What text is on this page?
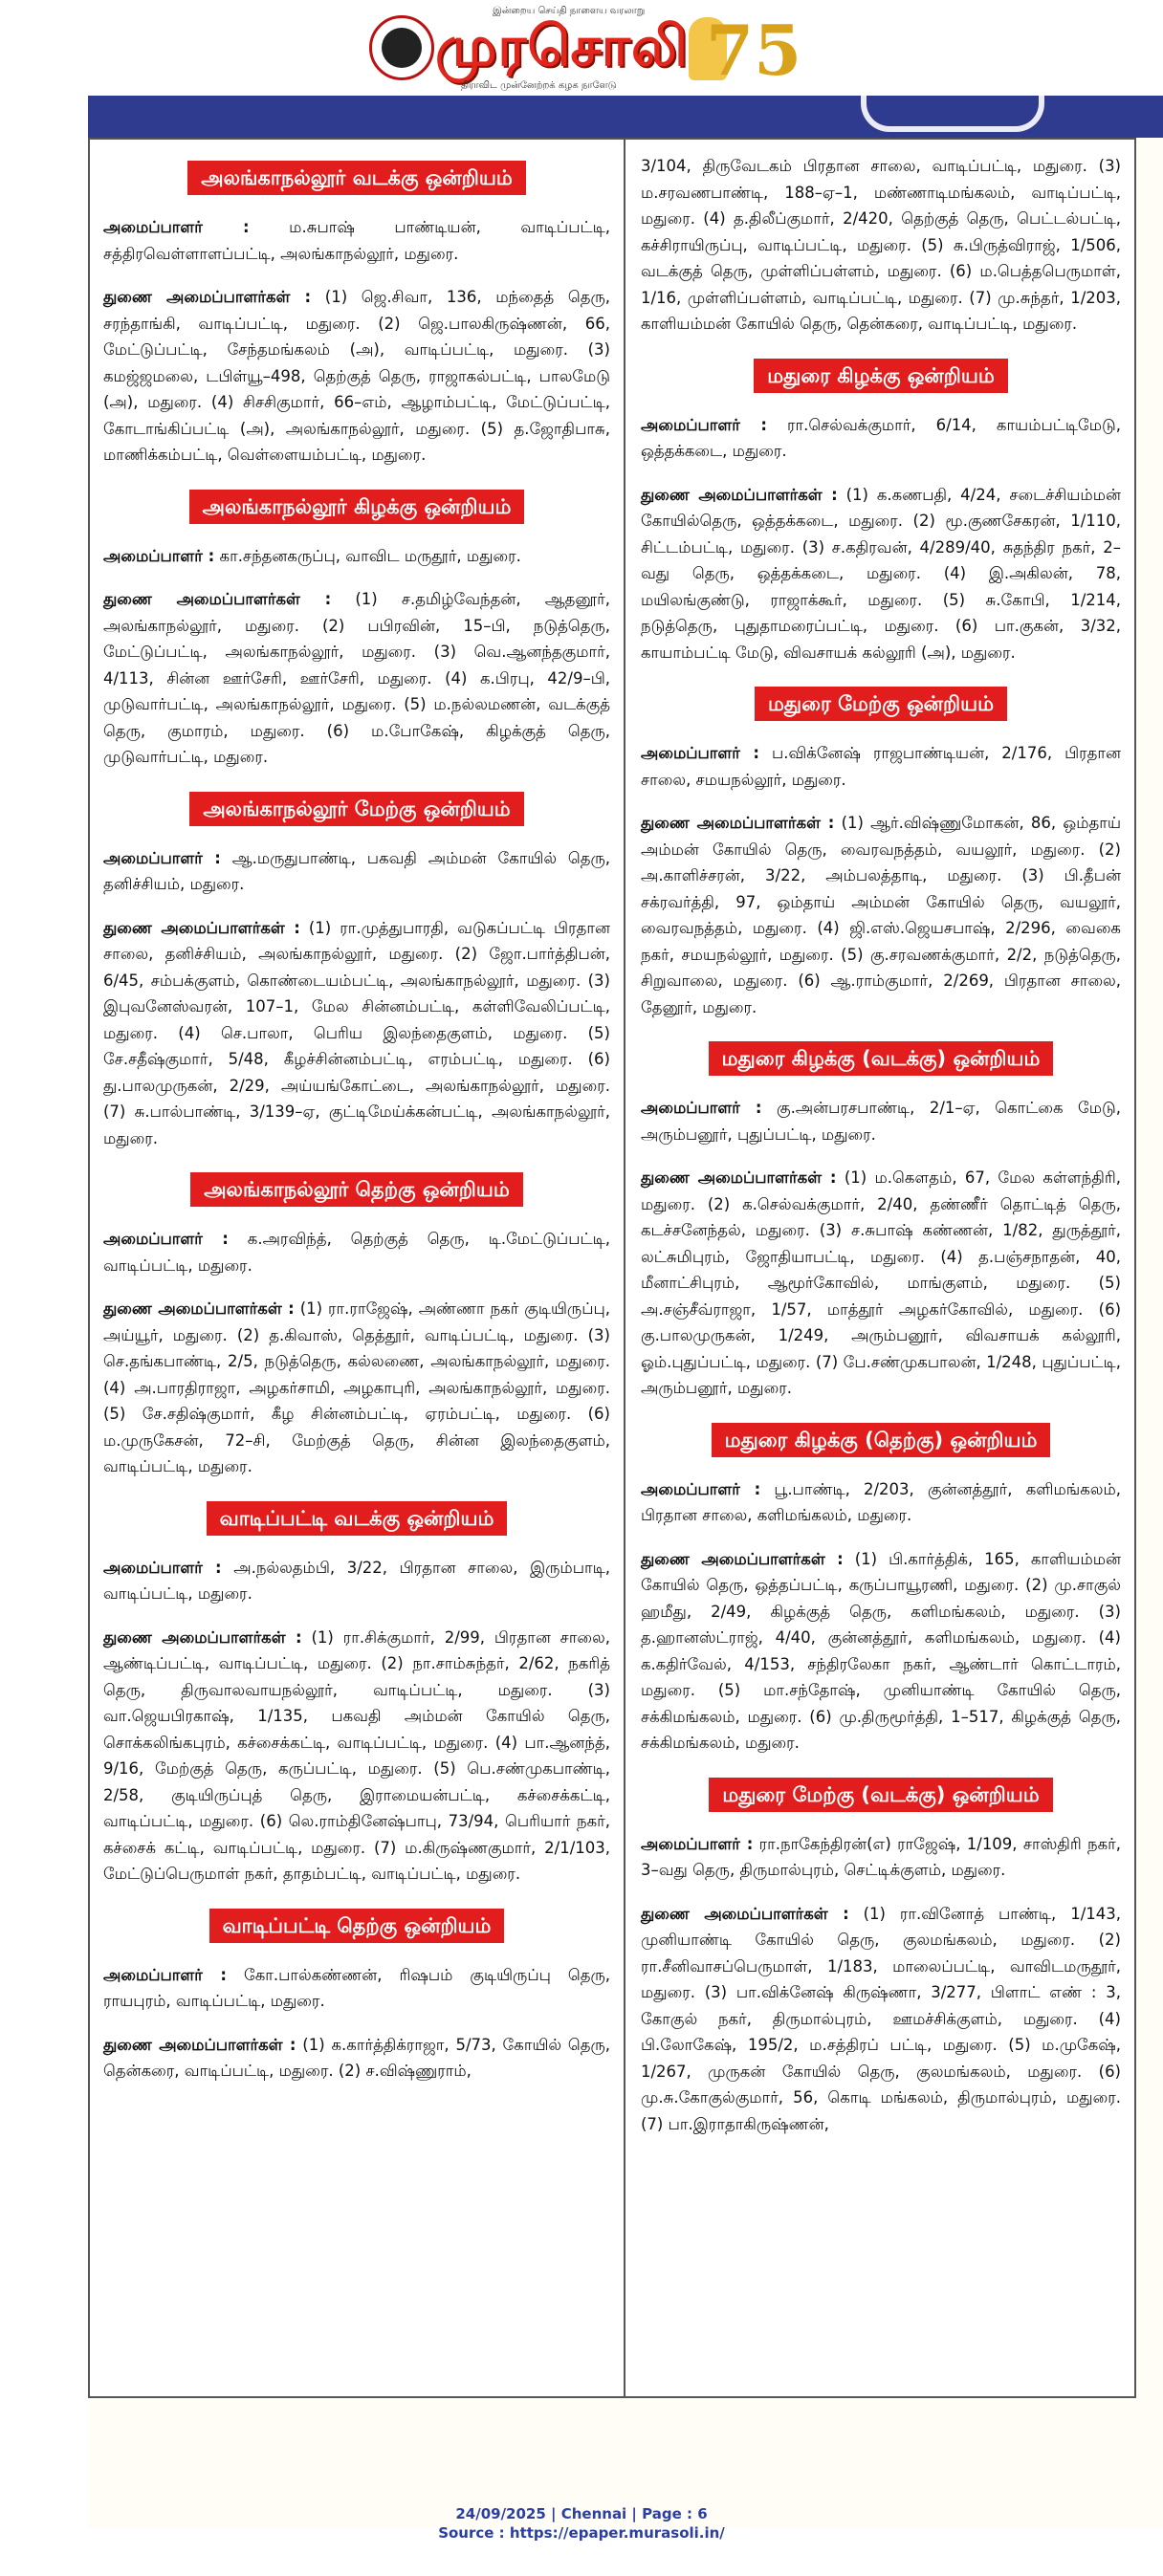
இன்றைய செய்தி நாளைய வரலாறு
முரசொலி
திராவிட முன்னேற்றக் கழக நாளேடு 75
அலங்காநல்லூர் வடக்கு ஒன்றியம்

அமைப்பாளர் :	ம.சுபாஷ் பாண்டியன், வாடிப்பட்டி, சத்திரவெள்ளாளப்பட்டி, அலங்காநல்லூர், மதுரை.

துணை அமைப்பாளர்கள் : (1) ஜெ.சிவா, 136, மந்தைத் தெரு, சரந்தாங்கி, வாடிப்பட்டி, மதுரை. (2) ஜெ.பாலகிருஷ்ணன், 66, மேட்டுப்பட்டி, சேந்தமங்கலம் (அ), வாடிப்பட்டி, மதுரை. (3) கமஜ்ஜமலை, டபிள்யூ–498, தெற்குத் தெரு, ராஜாகல்பட்டி, பாலமேடு (அ), மதுரை. (4) சிசசிகுமார், 66–எம், ஆழாம்பட்டி, மேட்டுப்பட்டி, கோடாங்கிப்பட்டி (அ), அலங்காநல்லூர், மதுரை. (5) த.ஜோதிபாசு, மாணிக்கம்பட்டி, வெள்ளையம்பட்டி, மதுரை.

அலங்காநல்லூர் கிழக்கு ஒன்றியம்

அமைப்பாளர் : கா.சந்தனகருப்பு, வாவிட மருதூர், மதுரை.

துணை அமைப்பாளர்கள் : (1) ச.தமிழ்வேந்தன், ஆதனூர், அலங்காநல்லூர், மதுரை. (2) பபிரவின், 15–பி, நடுத்தெரு, மேட்டுப்பட்டி, அலங்காநல்லூர், மதுரை. (3) வெ.ஆனந்தகுமார், 4/113, சின்ன ஊர்சேரி, ஊர்சேரி, மதுரை. (4) க.பிரபு, 42/9–பி, முடுவார்பட்டி, அலங்காநல்லூர், மதுரை. (5) ம.நல்லமணன், வடக்குத் தெரு, குமாரம், மதுரை. (6) ம.போகேஷ், கிழக்குத் தெரு, முடுவார்பட்டி, மதுரை.

அலங்காநல்லூர் மேற்கு ஒன்றியம்

அமைப்பாளர் : ஆ.மருதுபாண்டி, பகவதி அம்மன் கோயில் தெரு, தனிச்சியம், மதுரை.

துணை அமைப்பாளர்கள் : (1) ரா.முத்துபாரதி, வடுகப்பட்டி பிரதான சாலை, தனிச்சியம், அலங்காநல்லூர், மதுரை. (2) ஜோ.பார்த்திபன், 6/45, சம்பக்குளம், கொண்டையம்பட்டி, அலங்காநல்லூர், மதுரை. (3) இபுவனேஸ்வரன், 107–1, மேல சின்னம்பட்டி, கள்ளிவேலிப்பட்டி, மதுரை. (4) செ.பாலா, பெரிய இலந்தைகுளம், மதுரை. (5) சே.சதீஷ்குமார், 5/48, கீழச்சின்னம்பட்டி, எரம்பட்டி, மதுரை. (6) து.பாலமுருகன், 2/29, அய்யங்கோட்டை, அலங்காநல்லூர், மதுரை. (7) சு.பால்பாண்டி, 3/139–ஏ, குட்டிமேய்க்கன்பட்டி, அலங்காநல்லூர், மதுரை.

அலங்காநல்லூர் தெற்கு ஒன்றியம்

அமைப்பாளர் : க.அரவிந்த், தெற்குத் தெரு, டி.மேட்டுப்பட்டி, வாடிப்பட்டி, மதுரை.

துணை அமைப்பாளர்கள் : (1) ரா.ராஜேஷ், அண்ணா நகர் குடியிருப்பு, அய்யூர், மதுரை. (2) த.கிவாஸ், தெத்தூர், வாடிப்பட்டி, மதுரை. (3) செ.தங்கபாண்டி, 2/5, நடுத்தெரு, கல்லணை, அலங்காநல்லூர், மதுரை. (4) அ.பாரதிராஜா, அழகர்சாமி, அழகாபுரி, அலங்காநல்லூர், மதுரை. (5) சே.சதிஷ்குமார், கீழ சின்னம்பட்டி, ஏரம்பட்டி, மதுரை. (6) ம.முருகேசன், 72–சி, மேற்குத் தெரு, சின்ன இலந்தைகுளம், வாடிப்பட்டி, மதுரை.

வாடிப்பட்டி வடக்கு ஒன்றியம்

அமைப்பாளர் : அ.நல்லதம்பி, 3/22, பிரதான சாலை, இரும்பாடி, வாடிப்பட்டி, மதுரை.

துணை அமைப்பாளர்கள் : (1) ரா.சிக்குமார், 2/99, பிரதான சாலை, ஆண்டிப்பட்டி, வாடிப்பட்டி, மதுரை. (2) நா.சாம்சுந்தர், 2/62, நகரித் தெரு, திருவாலவாயநல்லூர், வாடிப்பட்டி, மதுரை. (3) வா.ஜெயபிரகாஷ், 1/135, பகவதி அம்மன் கோயில் தெரு, சொக்கலிங்கபுரம், கச்சைக்கட்டி, வாடிப்பட்டி, மதுரை. (4) பா.ஆனந்த், 9/16, மேற்குத் தெரு, கருப்பட்டி, மதுரை. (5) பெ.சண்முகபாண்டி, 2/58, குடியிருப்புத் தெரு, இராமையன்பட்டி, கச்சைக்கட்டி, வாடிப்பட்டி, மதுரை. (6) லெ.ராம்தினேஷ்பாபு, 73/94, பெரியார் நகர், கச்சைக் கட்டி, வாடிப்பட்டி, மதுரை. (7) ம.கிருஷ்ணகுமார், 2/1/103, மேட்டுப்பெருமாள் நகர், தாதம்பட்டி, வாடிப்பட்டி, மதுரை.

வாடிப்பட்டி தெற்கு ஒன்றியம்

அமைப்பாளர் : கோ.பால்கண்ணன், ரிஷபம் குடியிருப்பு தெரு, ராயபுரம், வாடிப்பட்டி, மதுரை.

துணை அமைப்பாளர்கள் : (1) க.கார்த்திக்ராஜா, 5/73, கோயில் தெரு, தென்கரை, வாடிப்பட்டி, மதுரை. (2) ச.விஷ்ணுராம்,

3/104, திருவேடகம் பிரதான சாலை, வாடிப்பட்டி, மதுரை. (3) ம.சரவணபாண்டி, 188–ஏ–1, மண்ணாடிமங்கலம், வாடிப்பட்டி, மதுரை. (4) த.திலீப்குமார், 2/420, தெற்குத் தெரு, பெட்டல்பட்டி, கச்சிராயிருப்பு, வாடிப்பட்டி, மதுரை. (5) சு.பிருத்விராஜ், 1/506, வடக்குத் தெரு, முள்ளிப்பள்ளம், மதுரை. (6) ம.பெத்தபெருமாள், 1/16, முள்ளிப்பள்ளம், வாடிப்பட்டி, மதுரை. (7) மு.சுந்தர், 1/203, காளியம்மன் கோயில் தெரு, தென்கரை, வாடிப்பட்டி, மதுரை.

மதுரை கிழக்கு ஒன்றியம்

அமைப்பாளர் : ரா.செல்வக்குமார், 6/14, காயம்பட்டிமேடு, ஒத்தக்கடை, மதுரை.

துணை அமைப்பாளர்கள் : (1) க.கணபதி, 4/24, சடைச்சியம்மன் கோயில்தெரு, ஒத்தக்கடை, மதுரை. (2) மூ.குணசேகரன், 1/110, சிட்டம்பட்டி, மதுரை. (3) ச.கதிரவன், 4/289/40, சுதந்திர நகர், 2–வது தெரு, ஒத்தக்கடை, மதுரை. (4) இ.அகிலன், 78, மயிலங்குண்டு, ராஜாக்கூர், மதுரை. (5) சு.கோபி, 1/214, நடுத்தெரு, புதுதாமரைப்பட்டி, மதுரை. (6) பா.குகன், 3/32, காயாம்பட்டி மேடு, விவசாயக் கல்லூரி (அ), மதுரை.

மதுரை மேற்கு ஒன்றியம்

அமைப்பாளர் : ப.விக்னேஷ் ராஜபாண்டியன், 2/176, பிரதான சாலை, சமயநல்லூர், மதுரை.

துணை அமைப்பாளர்கள் : (1) ஆர்.விஷ்ணுமோகன், 86, ஒம்தாய் அம்மன் கோயில் தெரு, வைரவநத்தம், வயலூர், மதுரை. (2) அ.காளிச்சரன், 3/22, அம்பலத்தாடி, மதுரை. (3) பி.தீபன் சக்ரவர்த்தி, 97, ஒம்தாய் அம்மன் கோயில் தெரு, வயலூர், வைரவநத்தம், மதுரை. (4) ஜி.எஸ்.ஜெயசபாஷ், 2/296, வைகை நகர், சமயநல்லூர், மதுரை. (5) கு.சரவணக்குமார், 2/2, நடுத்தெரு, சிறுவாலை, மதுரை. (6) ஆ.ராம்குமார், 2/269, பிரதான சாலை, தேனூர், மதுரை.

மதுரை கிழக்கு (வடக்கு) ஒன்றியம்

அமைப்பாளர் : கு.அன்பரசபாண்டி, 2/1–ஏ, கொட்கை மேடு, அரும்பனூர், புதுப்பட்டி, மதுரை.

துணை அமைப்பாளர்கள் : (1) ம.கௌதம், 67, மேல கள்ளந்திரி, மதுரை. (2) க.செல்வக்குமார், 2/40, தண்ணீர் தொட்டித் தெரு, கடச்சனேந்தல், மதுரை. (3) ச.சுபாஷ் கண்ணன், 1/82, துருத்தூர், லட்சுமிபுரம், ஜோதியாபட்டி, மதுரை. (4) த.பஞ்சநாதன், 40, மீனாட்சிபுரம், ஆமூர்கோவில், மாங்குளம், மதுரை. (5) அ.சஞ்சீவ்ராஜா, 1/57, மாத்தூர் அழகர்கோவில், மதுரை. (6) கு.பாலமுருகன், 1/249, அரும்பனூர், விவசாயக் கல்லூரி, ஓம்.புதுப்பட்டி, மதுரை. (7) பே.சண்முகபாலன், 1/248, புதுப்பட்டி, அரும்பனூர், மதுரை.

மதுரை கிழக்கு (தெற்கு) ஒன்றியம்

அமைப்பாளர் : பூ.பாண்டி, 2/203, குன்னத்தூர், களிமங்கலம், பிரதான சாலை, களிமங்கலம், மதுரை.

துணை அமைப்பாளர்கள் : (1) பி.கார்த்திக், 165, காளியம்மன் கோயில் தெரு, ஒத்தப்பட்டி, கருப்பாயூரணி, மதுரை. (2) மு.சாகுல் ஹமீது, 2/49, கிழக்குத் தெரு, களிமங்கலம், மதுரை. (3) த.ஹானஸ்ட்ராஜ், 4/40, குன்னத்தூர், களிமங்கலம், மதுரை. (4) க.கதிர்வேல், 4/153, சந்திரலேகா நகர், ஆண்டார் கொட்டாரம், மதுரை. (5) மா.சந்தோஷ், முனியாண்டி கோயில் தெரு, சக்கிமங்கலம், மதுரை. (6) மு.திருமூர்த்தி, 1–517, கிழக்குத் தெரு, சக்கிமங்கலம், மதுரை.

மதுரை மேற்கு (வடக்கு) ஒன்றியம்

அமைப்பாளர் : ரா.நாகேந்திரன்(எ) ராஜேஷ், 1/109, சாஸ்திரி நகர், 3–வது தெரு, திருமால்புரம், செட்டிக்குளம், மதுரை.

துணை அமைப்பாளர்கள் : (1) ரா.வினோத் பாண்டி, 1/143, முனியாண்டி கோயில் தெரு, குலமங்கலம், மதுரை. (2) ரா.சீனிவாசப்பெருமாள், 1/183, மாலைப்பட்டி, வாவிடமருதூர், மதுரை. (3) பா.விக்னேஷ் கிருஷ்ணா, 3/277, பிளாட் எண் : 3, கோகுல் நகர், திருமால்புரம், ஊமச்சிக்குளம், மதுரை. (4) பி.லோகேஷ், 195/2, ம.சத்திரப் பட்டி, மதுரை. (5) ம.முகேஷ், 1/267, முருகன் கோயில் தெரு, குலமங்கலம், மதுரை. (6) மு.சு.கோகுல்குமார், 56, கொடி மங்கலம், திருமால்புரம், மதுரை. (7) பா.இராதாகிருஷ்ணன்,

24/09/2025 | Chennai | Page : 6
Source : https://epaper.murasoli.in/
